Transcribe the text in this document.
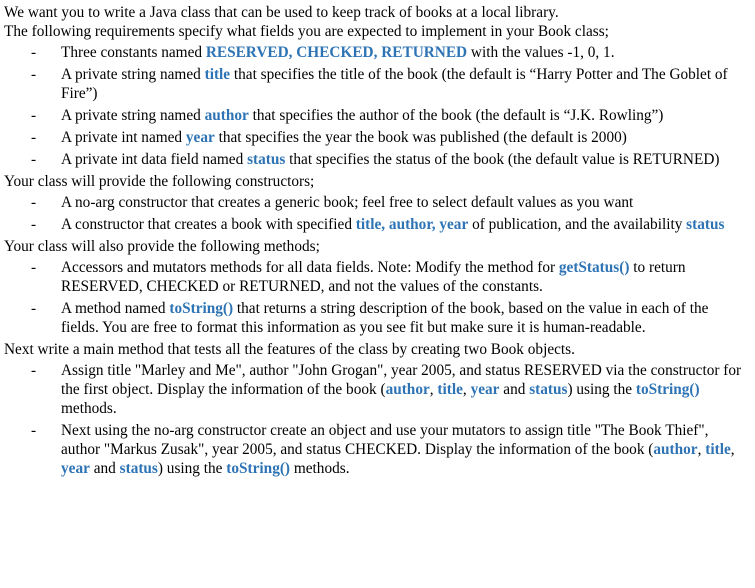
We want you to write a Java class that can be used to keep track of books at a local library.

The following requirements specify what fields you are expected to implement in your Book class;

- Three constants named RESERVED, CHECKED, RETURNED with the values -1, 0, 1.
- A private string named title that specifies the title of the book (the default is “Harry Potter and The Goblet of Fire”)
- A private string named author that specifies the author of the book (the default is “J.K. Rowling”)
- A private int named year that specifies the year the book was published (the default is 2000)
- A private int data field named status that specifies the status of the book (the default value is RETURNED)

Your class will provide the following constructors;

- A no-arg constructor that creates a generic book; feel free to select default values as you want
- A constructor that creates a book with specified title, author, year of publication, and the availability status

Your class will also provide the following methods;

- Accessors and mutators methods for all data fields. Note: Modify the method for getStatus() to return RESERVED, CHECKED or RETURNED, and not the values of the constants.
- A method named toString() that returns a string description of the book, based on the value in each of the fields. You are free to format this information as you see fit but make sure it is human-readable.

Next write a main method that tests all the features of the class by creating two Book objects.

- Assign title "Marley and Me", author "John Grogan", year 2005, and status RESERVED via the constructor for the first object. Display the information of the book (author, title, year and status) using the toString() methods.
- Next using the no-arg constructor create an object and use your mutators to assign title "The Book Thief", author "Markus Zusak", year 2005, and status CHECKED. Display the information of the book (author, title, year and status) using the toString() methods.
